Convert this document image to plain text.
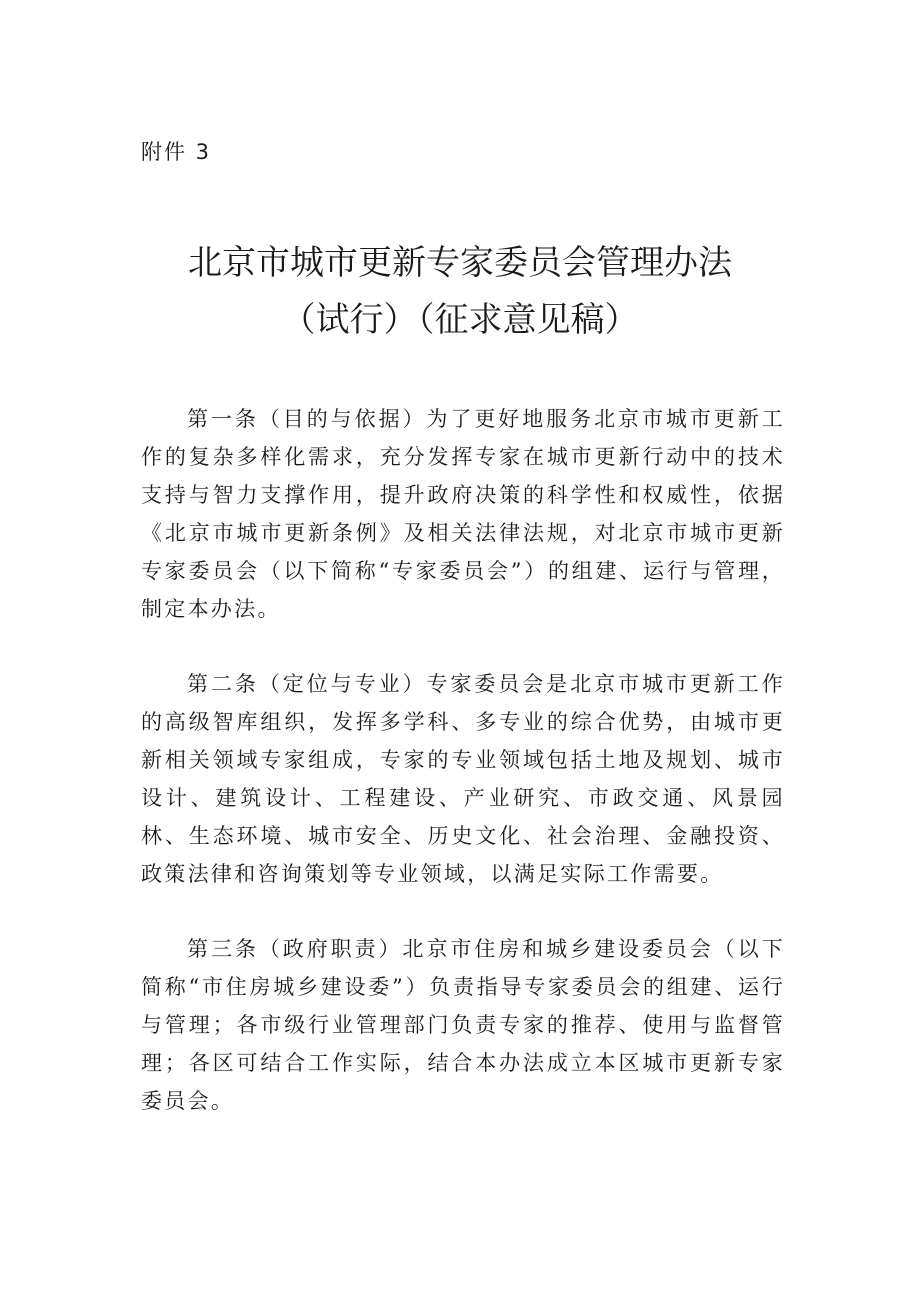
附件 3
北京市城市更新专家委员会管理办法
（试行）（征求意见稿）

第一条（目的与依据）为了更好地服务北京市城市更新工作的复杂多样化需求，充分发挥专家在城市更新行动中的技术支持与智力支撑作用，提升政府决策的科学性和权威性，依据《北京市城市更新条例》及相关法律法规，对北京市城市更新专家委员会（以下简称“专家委员会”）的组建、运行与管理，制定本办法。

第二条（定位与专业）专家委员会是北京市城市更新工作的高级智库组织，发挥多学科、多专业的综合优势，由城市更新相关领域专家组成，专家的专业领域包括土地及规划、城市设计、建筑设计、工程建设、产业研究、市政交通、风景园林、生态环境、城市安全、历史文化、社会治理、金融投资、政策法律和咨询策划等专业领域，以满足实际工作需要。

第三条（政府职责）北京市住房和城乡建设委员会（以下简称“市住房城乡建设委”）负责指导专家委员会的组建、运行与管理；各市级行业管理部门负责专家的推荐、使用与监督管理；各区可结合工作实际，结合本办法成立本区城市更新专家委员会。
